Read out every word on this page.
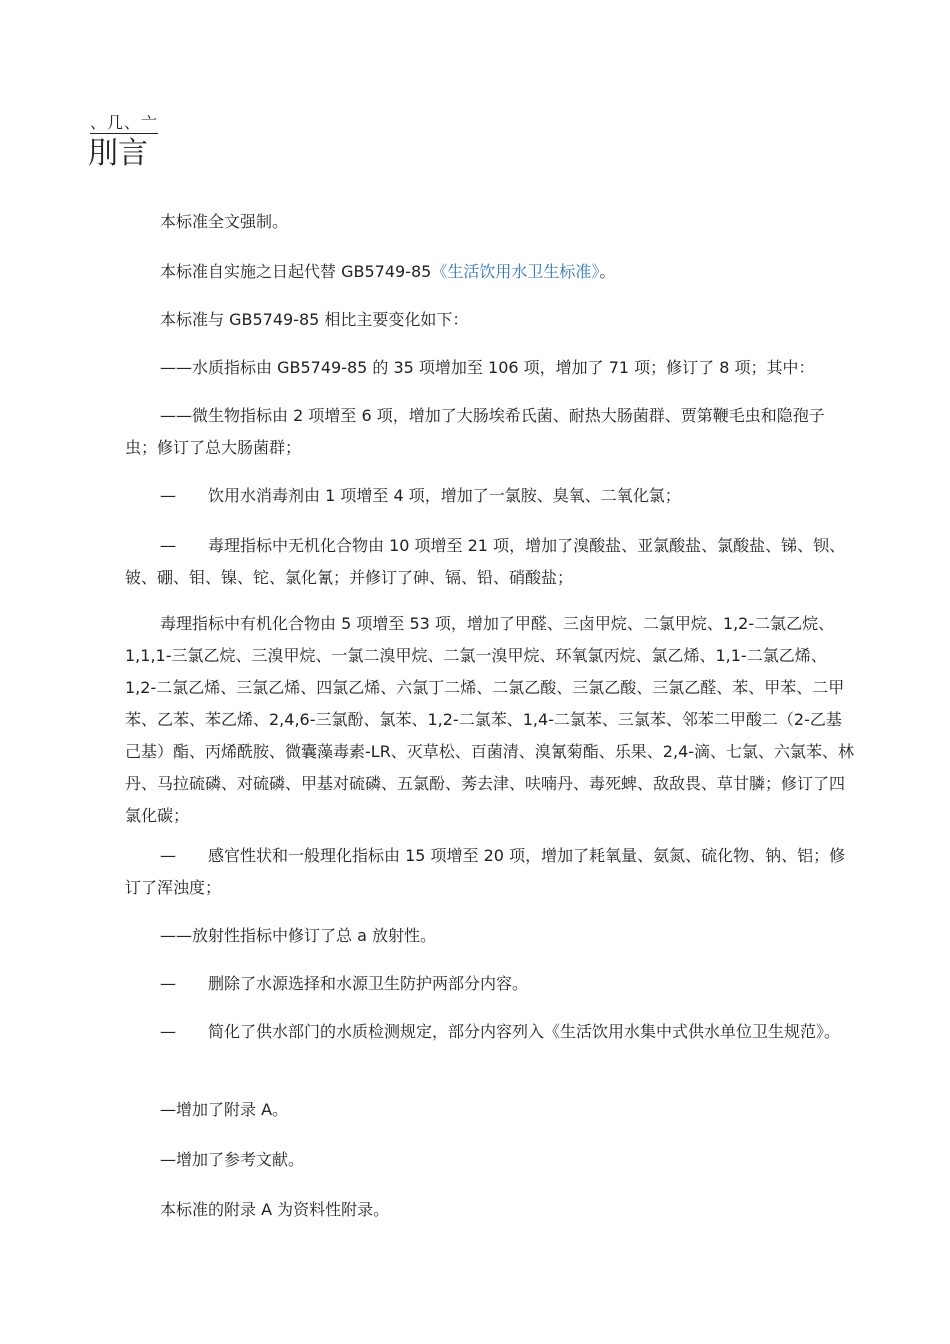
、几、亠
刖言

本标准全文强制。

本标准自实施之日起代替 GB5749-85《生活饮用水卫生标准》。

本标准与 GB5749-85 相比主要变化如下：

——水质指标由 GB5749-85 的 35 项增加至 106 项，增加了 71 项；修订了 8 项；其中：

——微生物指标由 2 项增至 6 项，增加了大肠埃希氏菌、耐热大肠菌群、贾第鞭毛虫和隐孢子虫；修订了总大肠菌群；

— 饮用水消毒剂由 1 项增至 4 项，增加了一氯胺、臭氧、二氧化氯；

— 毒理指标中无机化合物由 10 项增至 21 项，增加了溴酸盐、亚氯酸盐、氯酸盐、锑、钡、铍、硼、钼、镍、铊、氯化氰；并修订了砷、镉、铅、硝酸盐；

毒理指标中有机化合物由 5 项增至 53 项，增加了甲醛、三卤甲烷、二氯甲烷、1,2-二氯乙烷、1,1,1-三氯乙烷、三溴甲烷、一氯二溴甲烷、二氯一溴甲烷、环氧氯丙烷、氯乙烯、1,1-二氯乙烯、1,2-二氯乙烯、三氯乙烯、四氯乙烯、六氯丁二烯、二氯乙酸、三氯乙酸、三氯乙醛、苯、甲苯、二甲苯、乙苯、苯乙烯、2,4,6-三氯酚、氯苯、1,2-二氯苯、1,4-二氯苯、三氯苯、邻苯二甲酸二（2-乙基己基）酯、丙烯酰胺、微囊藻毒素-LR、灭草松、百菌清、溴氰菊酯、乐果、2,4-滴、七氯、六氯苯、林丹、马拉硫磷、对硫磷、甲基对硫磷、五氯酚、莠去津、呋喃丹、毒死蜱、敌敌畏、草甘膦；修订了四氯化碳；

— 感官性状和一般理化指标由 15 项增至 20 项，增加了耗氧量、氨氮、硫化物、钠、铝；修订了浑浊度；

——放射性指标中修订了总 a 放射性。

— 删除了水源选择和水源卫生防护两部分内容。

— 简化了供水部门的水质检测规定，部分内容列入《生活饮用水集中式供水单位卫生规范》。

—增加了附录 A。

—增加了参考文献。

本标准的附录 A 为资料性附录。
